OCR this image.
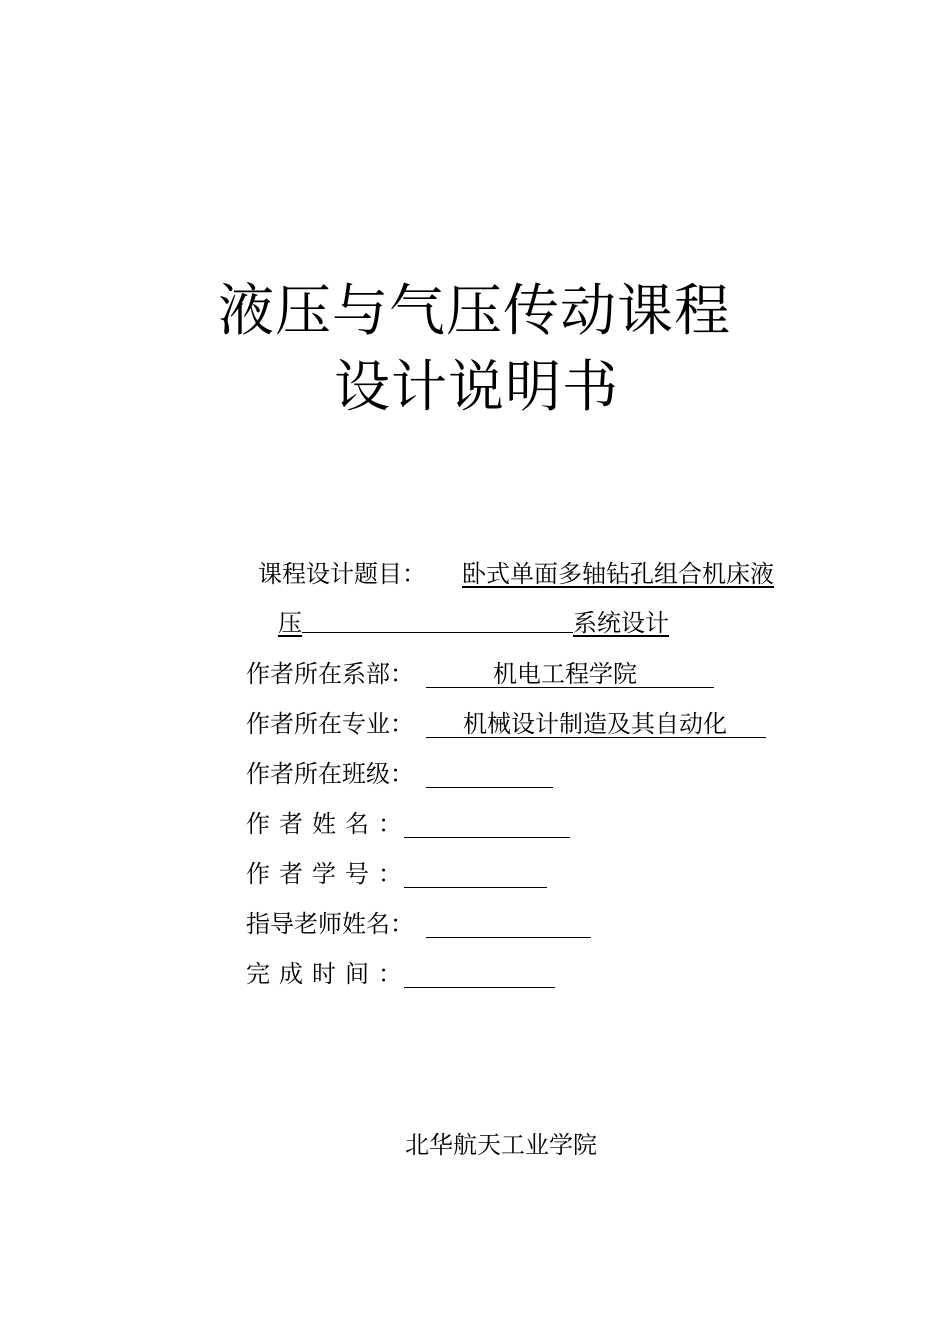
液压与气压传动课程
设计说明书
课程设计题目： 卧式单面多轴钻孔组合机床液
压	系统设计
作者所在系部：	机电工程学院
作者所在专业： 机械设计制造及其自动化
作者所在班级：
作者姓名：
作者学号：
指导老师姓名：
完成时间：
北华航天工业学院
